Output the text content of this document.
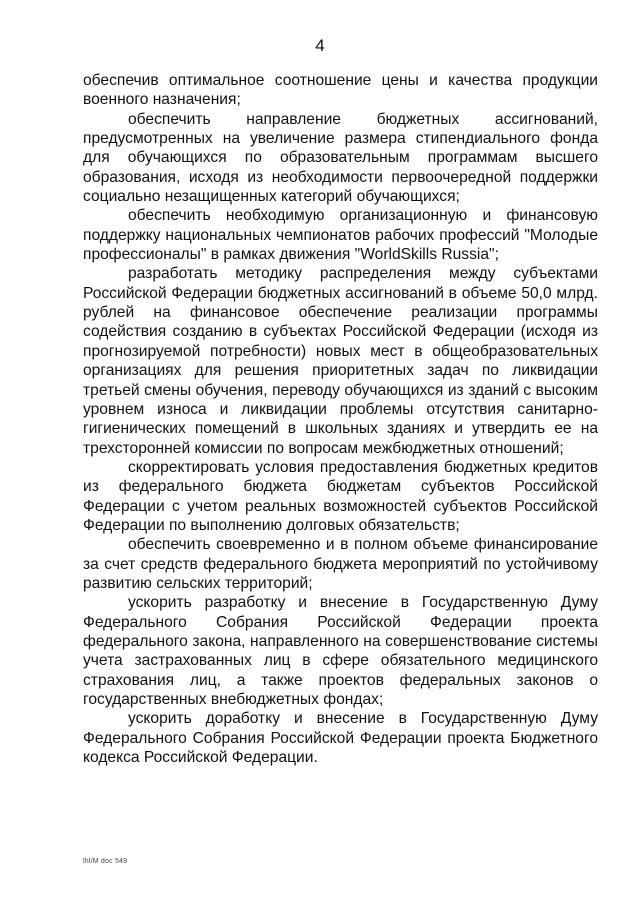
4

обеспечив оптимальное соотношение цены и качества продукции военного назначения;

обеспечить направление бюджетных ассигнований, предусмотренных на увеличение размера стипендиального фонда для обучающихся по образовательным программам высшего образования, исходя из необходимости первоочередной поддержки социально незащищенных категорий обучающихся;

обеспечить необходимую организационную и финансовую поддержку национальных чемпионатов рабочих профессий "Молодые профессионалы" в рамках движения "WorldSkills Russia";

разработать методику распределения между субъектами Российской Федерации бюджетных ассигнований в объеме 50,0 млрд. рублей на финансовое обеспечение реализации программы содействия созданию в субъектах Российской Федерации (исходя из прогнозируемой потребности) новых мест в общеобразовательных организациях для решения приоритетных задач по ликвидации третьей смены обучения, переводу обучающихся из зданий с высоким уровнем износа и ликвидации проблемы отсутствия санитарно-гигиенических помещений в школьных зданиях и утвердить ее на трехсторонней комиссии по вопросам межбюджетных отношений;

скорректировать условия предоставления бюджетных кредитов из федерального бюджета бюджетам субъектов Российской Федерации с учетом реальных возможностей субъектов Российской Федерации по выполнению долговых обязательств;

обеспечить своевременно и в полном объеме финансирование за счет средств федерального бюджета мероприятий по устойчивому развитию сельских территорий;

ускорить разработку и внесение в Государственную Думу Федерального Собрания Российской Федерации проекта федерального закона, направленного на совершенствование системы учета застрахованных лиц в сфере обязательного медицинского страхования лиц, а также проектов федеральных законов о государственных внебюджетных фондах;

ускорить доработку и внесение в Государственную Думу Федерального Собрания Российской Федерации проекта Бюджетного кодекса Российской Федерации.

lhl/M doc 549
